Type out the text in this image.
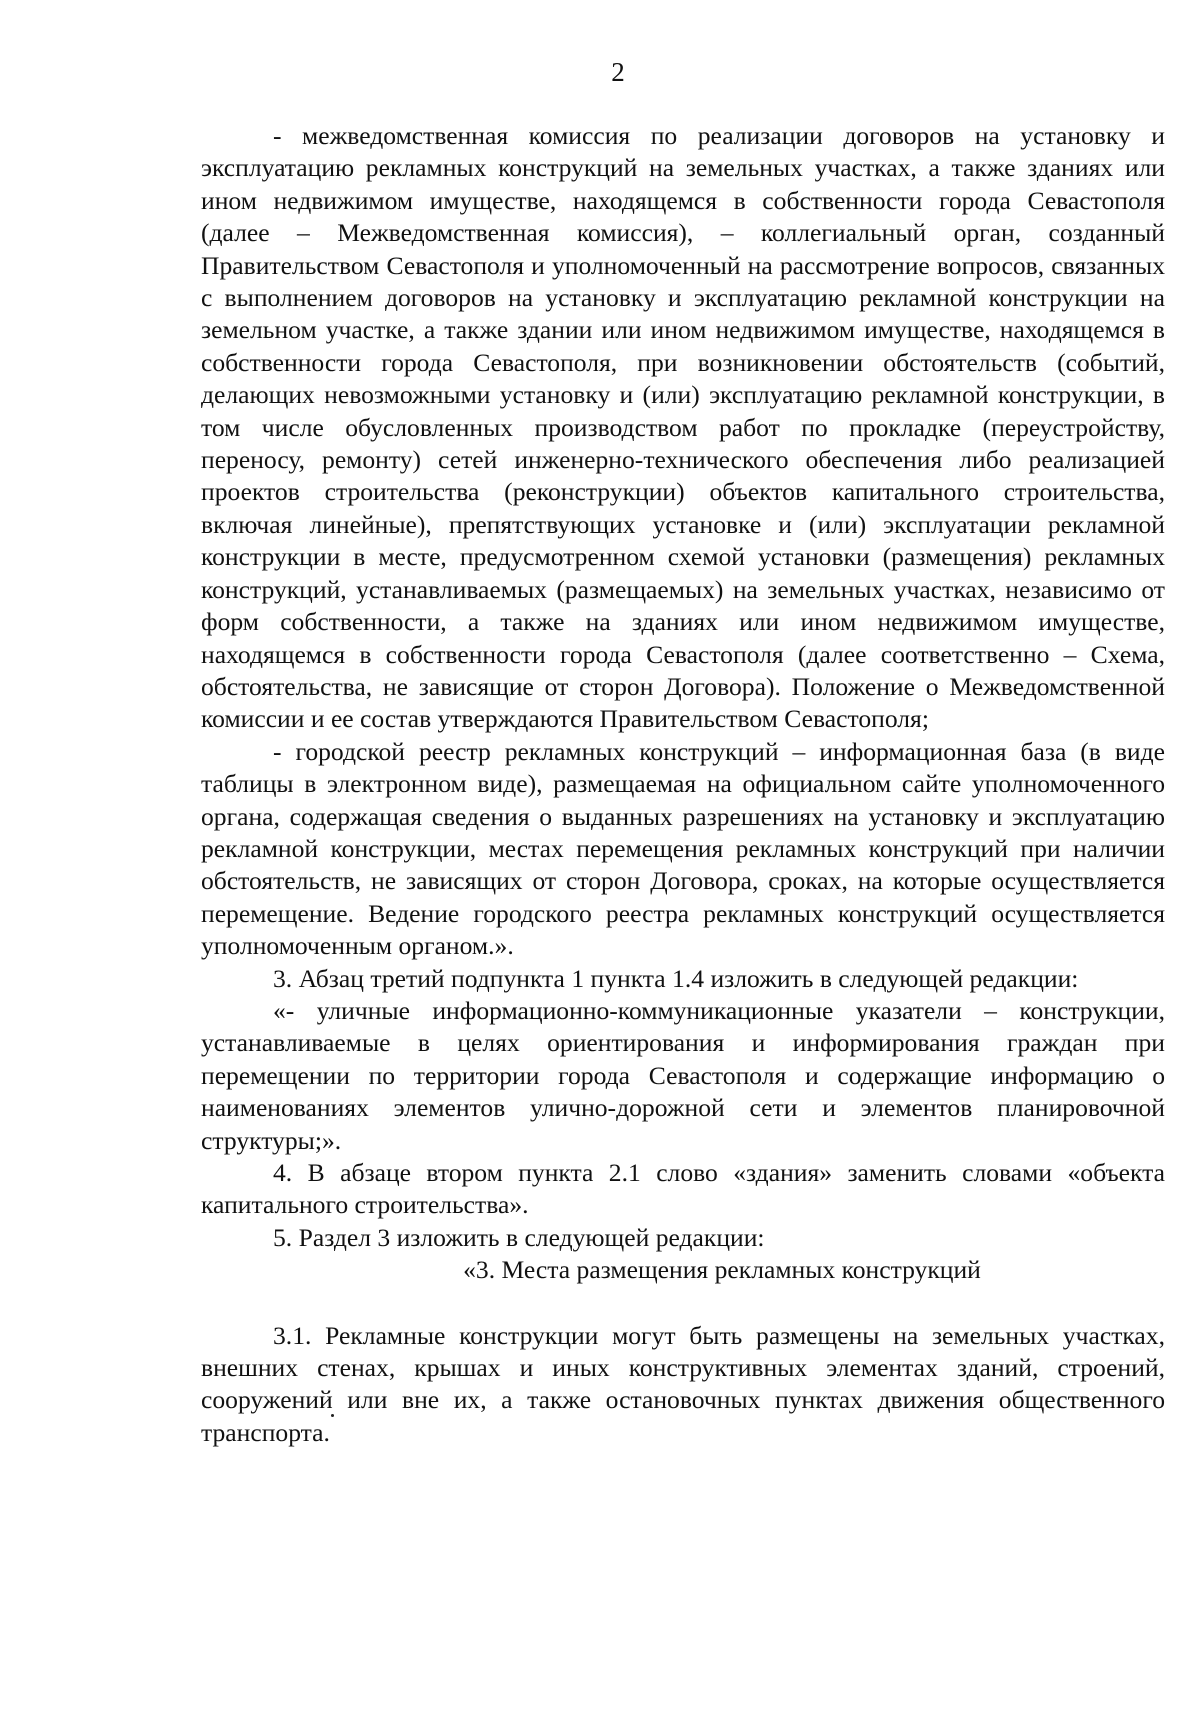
2

- межведомственная комиссия по реализации договоров на установку и эксплуатацию рекламных конструкций на земельных участках, а также зданиях или ином недвижимом имуществе, находящемся в собственности города Севастополя (далее – Межведомственная комиссия), – коллегиальный орган, созданный Правительством Севастополя и уполномоченный на рассмотрение вопросов, связанных с выполнением договоров на установку и эксплуатацию рекламной конструкции на земельном участке, а также здании или ином недвижимом имуществе, находящемся в собственности города Севастополя, при возникновении обстоятельств (событий, делающих невозможными установку и (или) эксплуатацию рекламной конструкции, в том числе обусловленных производством работ по прокладке (переустройству, переносу, ремонту) сетей инженерно-технического обеспечения либо реализацией проектов строительства (реконструкции) объектов капитального строительства, включая линейные), препятствующих установке и (или) эксплуатации рекламной конструкции в месте, предусмотренном схемой установки (размещения) рекламных конструкций, устанавливаемых (размещаемых) на земельных участках, независимо от форм собственности, а также на зданиях или ином недвижимом имуществе, находящемся в собственности города Севастополя (далее соответственно – Схема, обстоятельства, не зависящие от сторон Договора). Положение о Межведомственной комиссии и ее состав утверждаются Правительством Севастополя;

- городской реестр рекламных конструкций – информационная база (в виде таблицы в электронном виде), размещаемая на официальном сайте уполномоченного органа, содержащая сведения о выданных разрешениях на установку и эксплуатацию рекламной конструкции, местах перемещения рекламных конструкций при наличии обстоятельств, не зависящих от сторон Договора, сроках, на которые осуществляется перемещение. Ведение городского реестра рекламных конструкций осуществляется уполномоченным органом.».

3. Абзац третий подпункта 1 пункта 1.4 изложить в следующей редакции:

«- уличные информационно-коммуникационные указатели – конструкции, устанавливаемые в целях ориентирования и информирования граждан при перемещении по территории города Севастополя и содержащие информацию о наименованиях элементов улично-дорожной сети и элементов планировочной структуры;».

4. В абзаце втором пункта 2.1 слово «здания» заменить словами «объекта капитального строительства».

5. Раздел 3 изложить в следующей редакции:

«3. Места размещения рекламных конструкций

3.1. Рекламные конструкции могут быть размещены на земельных участках, внешних стенах, крышах и иных конструктивных элементах зданий, строений, сооружений или вне их, а также остановочных пунктах движения общественного транспорта.
